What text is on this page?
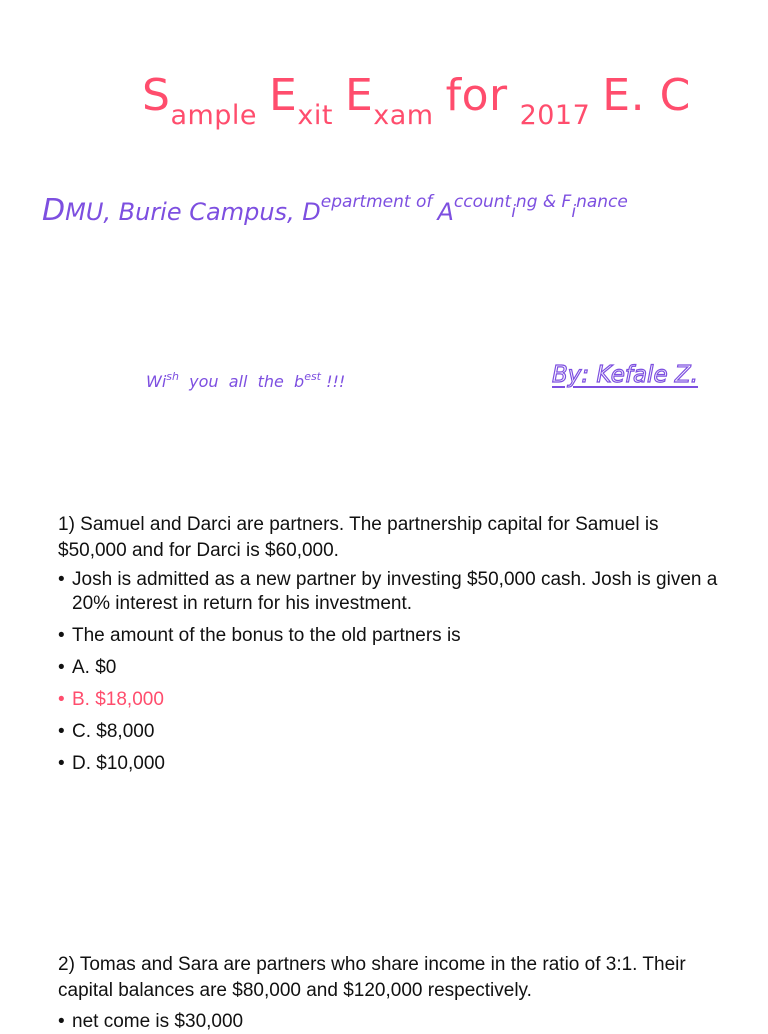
$S_{ample}$ $E_{xit}$ $E_{xam}$ for $_{2017}$ E. C

DMU, Burie Campus, Department of Accounting & Finance

$Wi^{sh}$ you all the $b^{est}$ !!!	By: Kefale Z.

1) Samuel and Darci are partners. The partnership capital for Samuel is $50,000 and for Darci is $60,000.

• Josh is admitted as a new partner by investing $50,000 cash. Josh is given a 20% interest in return for his investment.
• The amount of the bonus to the old partners is
• A. $0
• B. $18,000
• C. $8,000
• D. $10,000

2) Tomas and Sara are partners who share income in the ratio of 3:1. Their capital balances are $80,000 and $120,000 respectively.

• net come is $30,000
